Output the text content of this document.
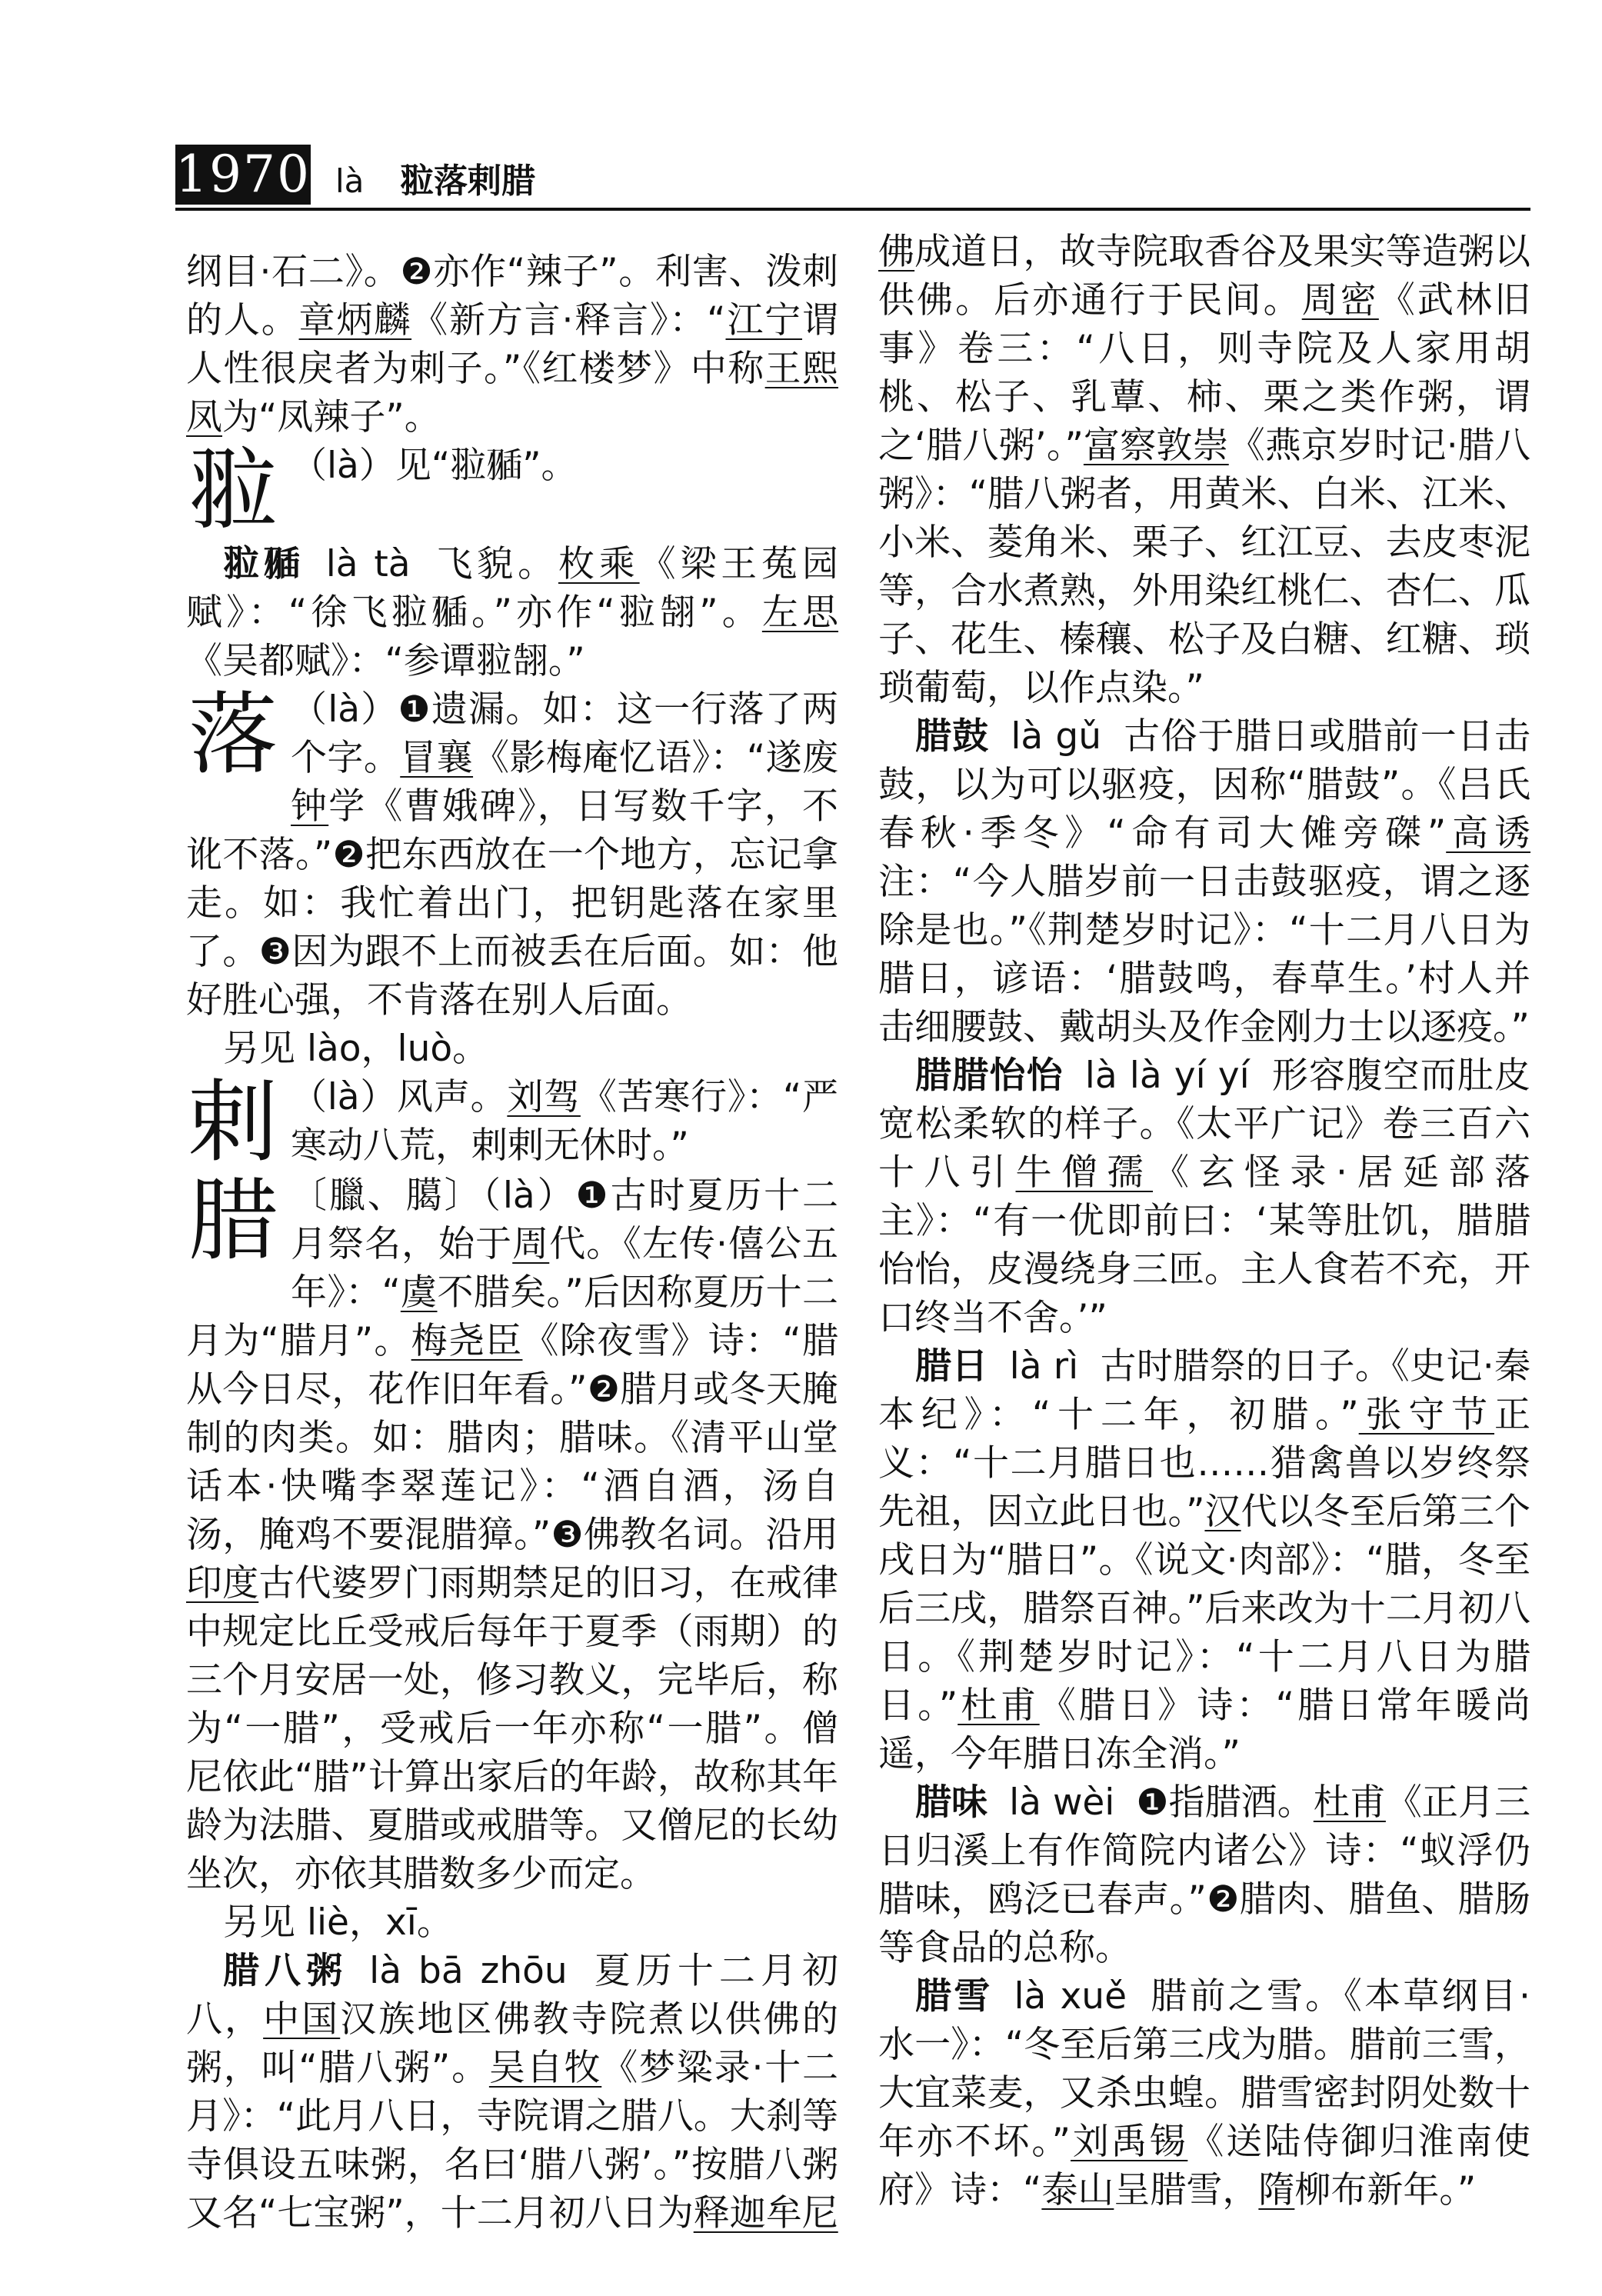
1970 là 翋落剌腊

纲目·石二》。❷亦作“辣子”。利害、泼刺的人。章炳麟《新方言·释言》：“江宁谓人性很戾者为刺子。”《红楼梦》中称王熙凤为“凤辣子”。

翋 （là）见“翋𦑣”。

翋𦑣 là tà 飞貌。枚乘《梁王菟园赋》：“徐飞翋𦑣。”亦作“翋䎋”。左思《吴都赋》：“参谭翋䎋。”

落 （là）❶遗漏。如：这一行落了两个字。冒襄《影梅庵忆语》：“遂废钟学《曹娥碑》，日写数千字，不讹不落。”❷把东西放在一个地方，忘记拿走。如：我忙着出门，把钥匙落在家里了。❸因为跟不上而被丢在后面。如：他好胜心强，不肯落在别人后面。

另见 lào，luò。

剌 （là）风声。刘驾《苦寒行》：“严寒动八荒，剌剌无休时。”

腊 〔臘、臈〕（là）❶古时夏历十二月祭名，始于周代。《左传·僖公五年》：“虞不腊矣。”后因称夏历十二月为“腊月”。梅尧臣《除夜雪》诗：“腊从今日尽，花作旧年看。”❷腊月或冬天腌制的肉类。如：腊肉；腊味。《清平山堂话本·快嘴李翠莲记》：“酒自酒，汤自汤，腌鸡不要混腊獐。”❸佛教名词。沿用印度古代婆罗门雨期禁足的旧习，在戒律中规定比丘受戒后每年于夏季（雨期）的三个月安居一处，修习教义，完毕后，称为“一腊”，受戒后一年亦称“一腊”。僧尼依此“腊”计算出家后的年龄，故称其年龄为法腊、夏腊或戒腊等。又僧尼的长幼坐次，亦依其腊数多少而定。

另见 liè，xī。

腊八粥 là bā zhōu 夏历十二月初八，中国汉族地区佛教寺院煮以供佛的粥，叫“腊八粥”。吴自牧《梦粱录·十二月》：“此月八日，寺院谓之腊八。大刹等寺俱设五味粥，名曰‘腊八粥’。”按腊八粥又名“七宝粥”，十二月初八日为释迦牟尼

佛成道日，故寺院取香谷及果实等造粥以供佛。后亦通行于民间。周密《武林旧事》卷三：“八日，则寺院及人家用胡桃、松子、乳蕈、柿、栗之类作粥，谓之‘腊八粥’。”富察敦崇《燕京岁时记·腊八粥》：“腊八粥者，用黄米、白米、江米、小米、菱角米、栗子、红江豆、去皮枣泥等，合水煮熟，外用染红桃仁、杏仁、瓜子、花生、榛穰、松子及白糖、红糖、琐琐葡萄，以作点染。”

腊鼓 là gǔ 古俗于腊日或腊前一日击鼓，以为可以驱疫，因称“腊鼓”。《吕氏春秋·季冬》“命有司大傩旁磔”高诱注：“今人腊岁前一日击鼓驱疫，谓之逐除是也。”《荆楚岁时记》：“十二月八日为腊日，谚语：‘腊鼓鸣，春草生。’村人并击细腰鼓、戴胡头及作金刚力士以逐疫。”

腊腊怡怡 là là yí yí 形容腹空而肚皮宽松柔软的样子。《太平广记》卷三百六十八引牛僧孺《玄怪录·居延部落主》：“有一优即前曰：‘某等肚饥，腊腊怡怡，皮漫绕身三匝。主人食若不充，开口终当不舍。’”

腊日 là rì 古时腊祭的日子。《史记·秦本纪》：“十二年，初腊。”张守节正义：“十二月腊日也……猎禽兽以岁终祭先祖，因立此日也。”汉代以冬至后第三个戌日为“腊日”。《说文·肉部》：“腊，冬至后三戌，腊祭百神。”后来改为十二月初八日。《荆楚岁时记》：“十二月八日为腊日。”杜甫《腊日》诗：“腊日常年暖尚遥，今年腊日冻全消。”

腊味 là wèi ❶指腊酒。杜甫《正月三日归溪上有作简院内诸公》诗：“蚁浮仍腊味，鸥泛已春声。”❷腊肉、腊鱼、腊肠等食品的总称。

腊雪 là xuě 腊前之雪。《本草纲目·水一》：“冬至后第三戌为腊。腊前三雪，大宜菜麦，又杀虫蝗。腊雪密封阴处数十年亦不坏。”刘禹锡《送陆侍御归淮南使府》诗：“泰山呈腊雪，隋柳布新年。”
